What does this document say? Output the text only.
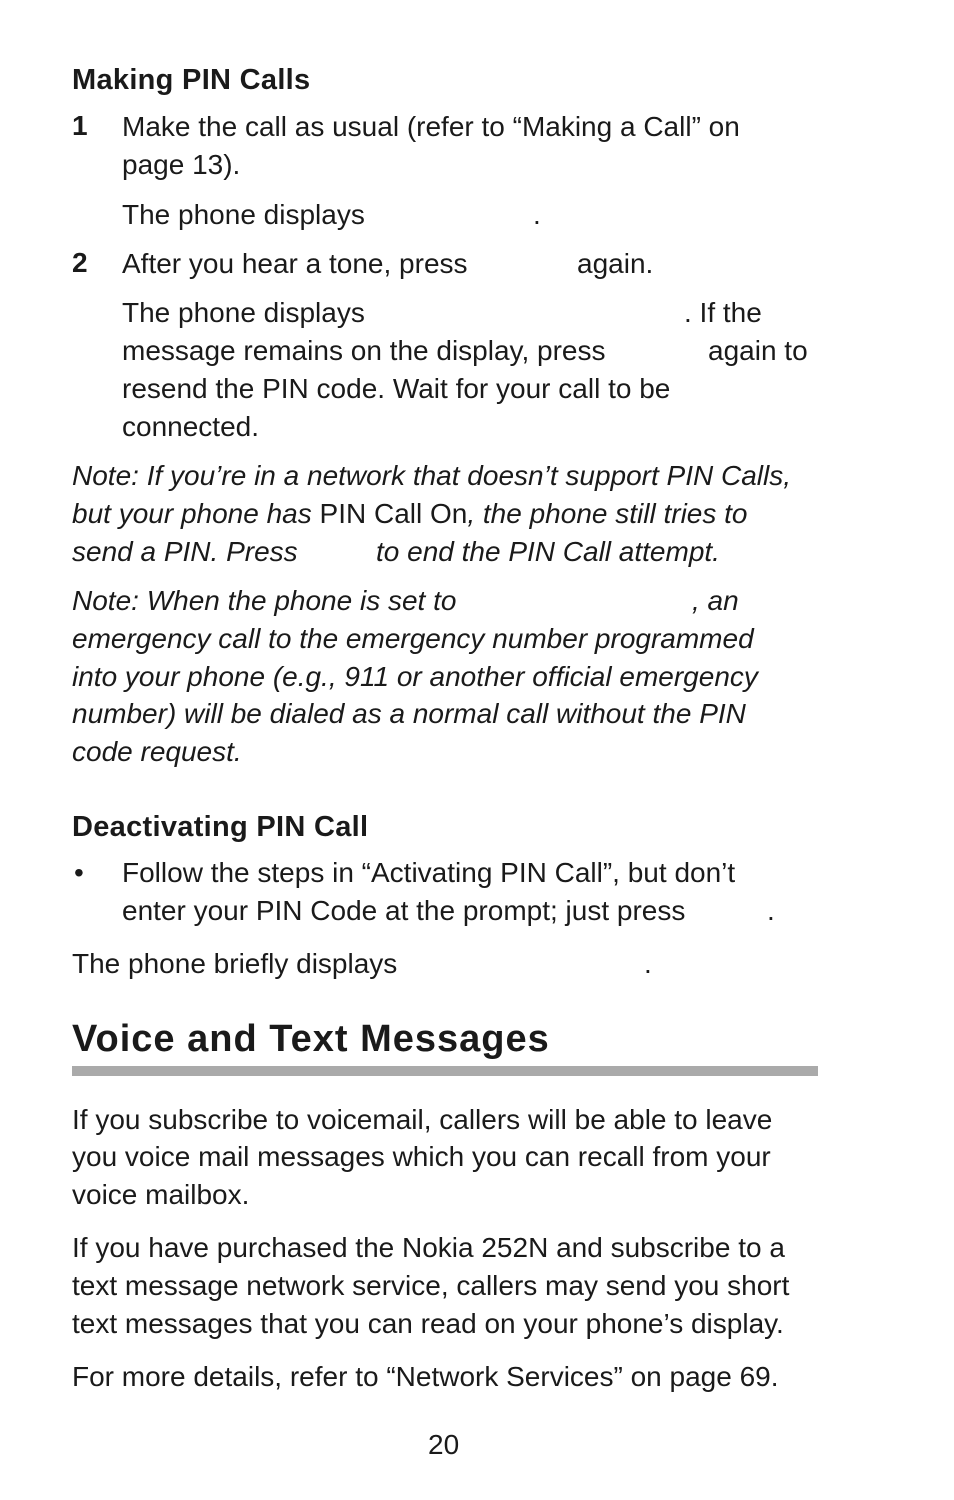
Making PIN Calls
1 Make the call as usual (refer to “Making a Call” on
page 13).
The phone displays	.
2 After you hear a tone, press	again.
The phone displays	. If the
message remains on the display, press	again to
resend the PIN code. Wait for your call to be
connected.
Note: If you’re in a network that doesn’t support PIN Calls,
but your phone has PIN Call On, the phone still tries to
send a PIN. Press	to end the PIN Call attempt.
Note: When the phone is set to	, an
emergency call to the emergency number programmed
into your phone (e.g., 911 or another official emergency
number) will be dialed as a normal call without the PIN
code request.
Deactivating PIN Call
• Follow the steps in “Activating PIN Call”, but don’t
enter your PIN Code at the prompt; just press	.
The phone briefly displays	.
Voice and Text Messages
If you subscribe to voicemail, callers will be able to leave
you voice mail messages which you can recall from your
voice mailbox.
If you have purchased the Nokia 252N and subscribe to a
text message network service, callers may send you short
text messages that you can read on your phone’s display.
For more details, refer to “Network Services” on page 69.
20
